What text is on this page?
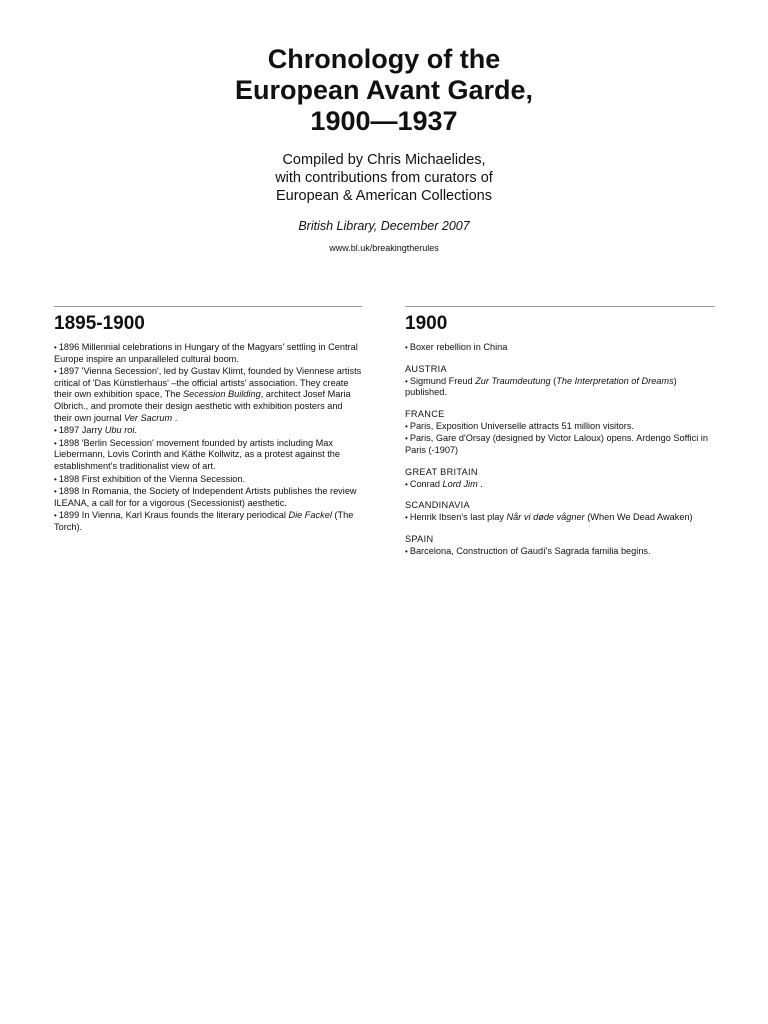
Chronology of the
European Avant Garde,
1900—1937
Compiled by Chris Michaelides,
with contributions from curators of
European & American Collections
British Library, December 2007
www.bl.uk/breakingtherules
1895-1900
• 1896 Millennial celebrations in Hungary of the Magyars' settling in Central Europe inspire an unparalleled cultural boom.
• 1897 'Vienna Secession', led by Gustav Klimt, founded by Viennese artists critical of 'Das Künstlerhaus' –the official artists' association. They create their own exhibition space, The Secession Building, architect Josef Maria Olbrich., and promote their design aesthetic with exhibition posters and their own journal Ver Sacrum .
• 1897 Jarry Ubu roi.
• 1898 'Berlin Secession' movement founded by artists including Max Liebermann, Lovis Corinth and Käthe Kollwitz, as a protest against the establishment's traditionalist view of art.
• 1898 First exhibition of the Vienna Secession.
• 1898 In Romania, the Society of Independent Artists publishes the review ILEANA, a call for for a vigorous (Secessionist) aesthetic.
• 1899 In Vienna, Karl Kraus founds the literary periodical Die Fackel (The Torch).
1900
• Boxer rebellion in China
AUSTRIA
• Sigmund Freud Zur Traumdeutung (The Interpretation of Dreams) published.
FRANCE
• Paris, Exposition Universelle attracts 51 million visitors.
• Paris, Gare d'Orsay (designed by Victor Laloux) opens. Ardengo Soffici in Paris (-1907)
GREAT BRITAIN
• Conrad Lord Jim .
SCANDINAVIA
• Henrik Ibsen's last play Når vi døde vågner (When We Dead Awaken)
SPAIN
• Barcelona, Construction of Gaudí's Sagrada familia begins.
